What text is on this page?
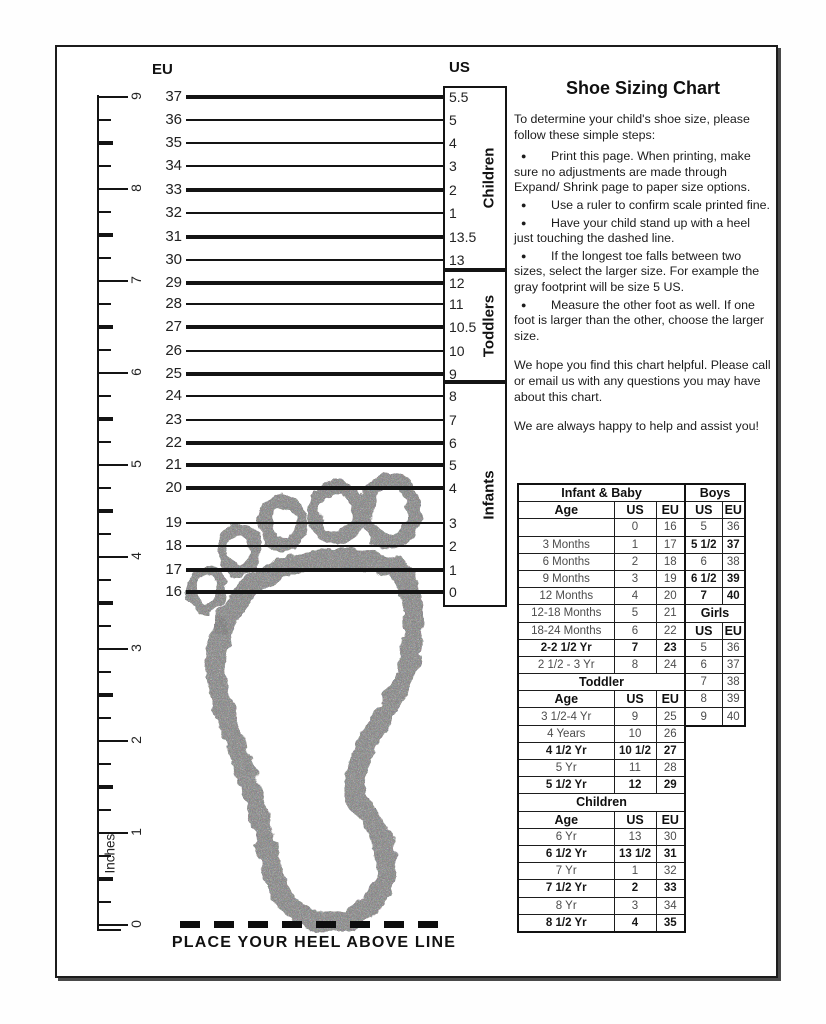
EU	US
0
1
2
3
4
5
6
7
8
9	37	5.5
36	5
35	4
34	3
33	2
32	1
31	13.5
30	13
29	12
28	11
27	10.5
26	10
25	9
24	8
23	7
22	6
21	5
20	4
19	3
18	2
17	1
16	0
Children
Toddlers
Infants
PLACE YOUR HEEL ABOVE LINE
Shoe Sizing Chart

To determine your child's shoe size, please follow these simple steps:

● Print this page. When printing, make sure no adjustments are made through Expand/ Shrink page to paper size options.

● Use a ruler to confirm scale printed fine.

● Have your child stand up with a heel just touching the dashed line.

● If the longest toe falls between two sizes, select the larger size. For example the gray footprint will be size 5 US.

● Measure the other foot as well. If one foot is larger than the other, choose the larger size.

We hope you find this chart helpful. Please call or email us with any questions you may have about this chart.

We are always happy to help and assist you!

Infant & Baby		
Age	US	EU
	0	16
3 Months	1	17
6 Months	2	18
9 Months	3	19
12 Months	4	20
12-18 Months	5	21
18-24 Months	6	22
2-2 1/2 Yr	7	23
2 1/2 - 3 Yr	8	24
Toddler		
Age	US	EU
3 1/2-4 Yr	9	25
4 Years	10	26
4 1/2 Yr	10 1/2	27
5 Yr	11	28
5 1/2 Yr	12	29
Children		
Age	US	EU
6 Yr	13	30
6 1/2 Yr	13 1/2	31
7 Yr	1	32
7 1/2 Yr	2	33
8 Yr	3	34
8 1/2 Yr	4	35
Boys	
US	EU
5	36
5 1/2	37
6	38
6 1/2	39
7	40
Girls	
US	EU
5	36
6	37
7	38
8	39
9	40
